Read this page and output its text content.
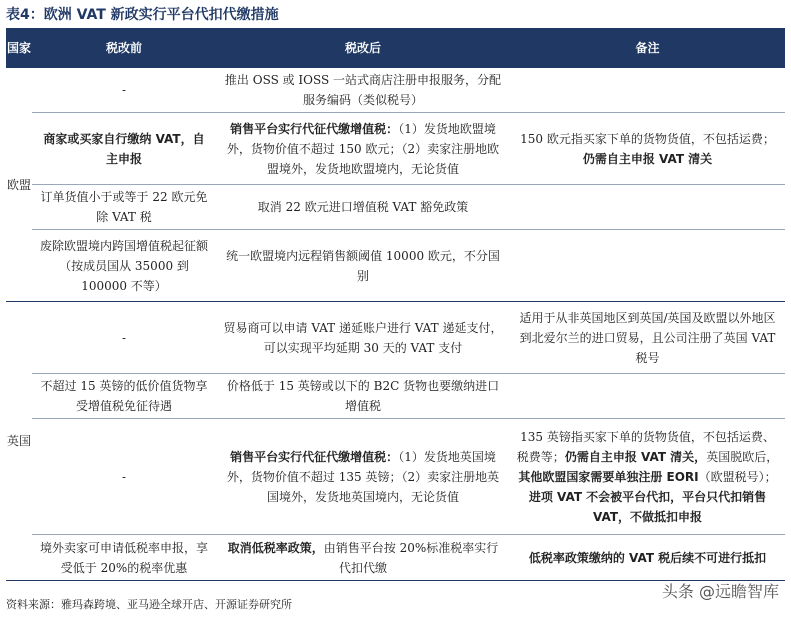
表4：欧洲 VAT 新政实行平台代扣代缴措施
国家	税改前	税改后	备注
欧盟	-	推出 OSS 或 IOSS 一站式商店注册申报服务，分配服务编码（类似税号）	
	商家或买家自行缴纳 VAT，自主申报	销售平台实行代征代缴增值税：（1）发货地欧盟境外，货物价值不超过 150 欧元；（2）卖家注册地欧盟境外，发货地欧盟境内，无论货值	150 欧元指买家下单的货物货值，不包括运费；仍需自主申报 VAT 清关
	订单货值小于或等于 22 欧元免除 VAT 税	取消 22 欧元进口增值税 VAT 豁免政策	
	废除欧盟境内跨国增值税起征额（按成员国从 35000 到 100000 不等）	统一欧盟境内远程销售额阈值 10000 欧元，不分国别	
英国	-	贸易商可以申请 VAT 递延账户进行 VAT 递延支付，可以实现平均延期 30 天的 VAT 支付	适用于从非英国地区到英国/英国及欧盟以外地区到北爱尔兰的进口贸易，且公司注册了英国 VAT 税号
	不超过 15 英镑的低价值货物享受增值税免征待遇	价格低于 15 英镑或以下的 B2C 货物也要缴纳进口增值税	
	-	销售平台实行代征代缴增值税：（1）发货地英国境外，货物价值不超过 135 英镑；（2）卖家注册地英国境外，发货地英国境内，无论货值	135 英镑指买家下单的货物货值，不包括运费、税费等；仍需自主申报 VAT 清关，英国脱欧后，其他欧盟国家需要单独注册 EORI（欧盟税号）；进项 VAT 不会被平台代扣，平台只代扣销售 VAT，不做抵扣申报
	境外卖家可申请低税率申报，享受低于 20%的税率优惠	取消低税率政策，由销售平台按 20%标准税率实行代扣代缴	低税率政策缴纳的 VAT 税后续不可进行抵扣
资料来源：雅玛森跨境、亚马逊全球开店、开源证券研究所
头条 @远瞻智库
